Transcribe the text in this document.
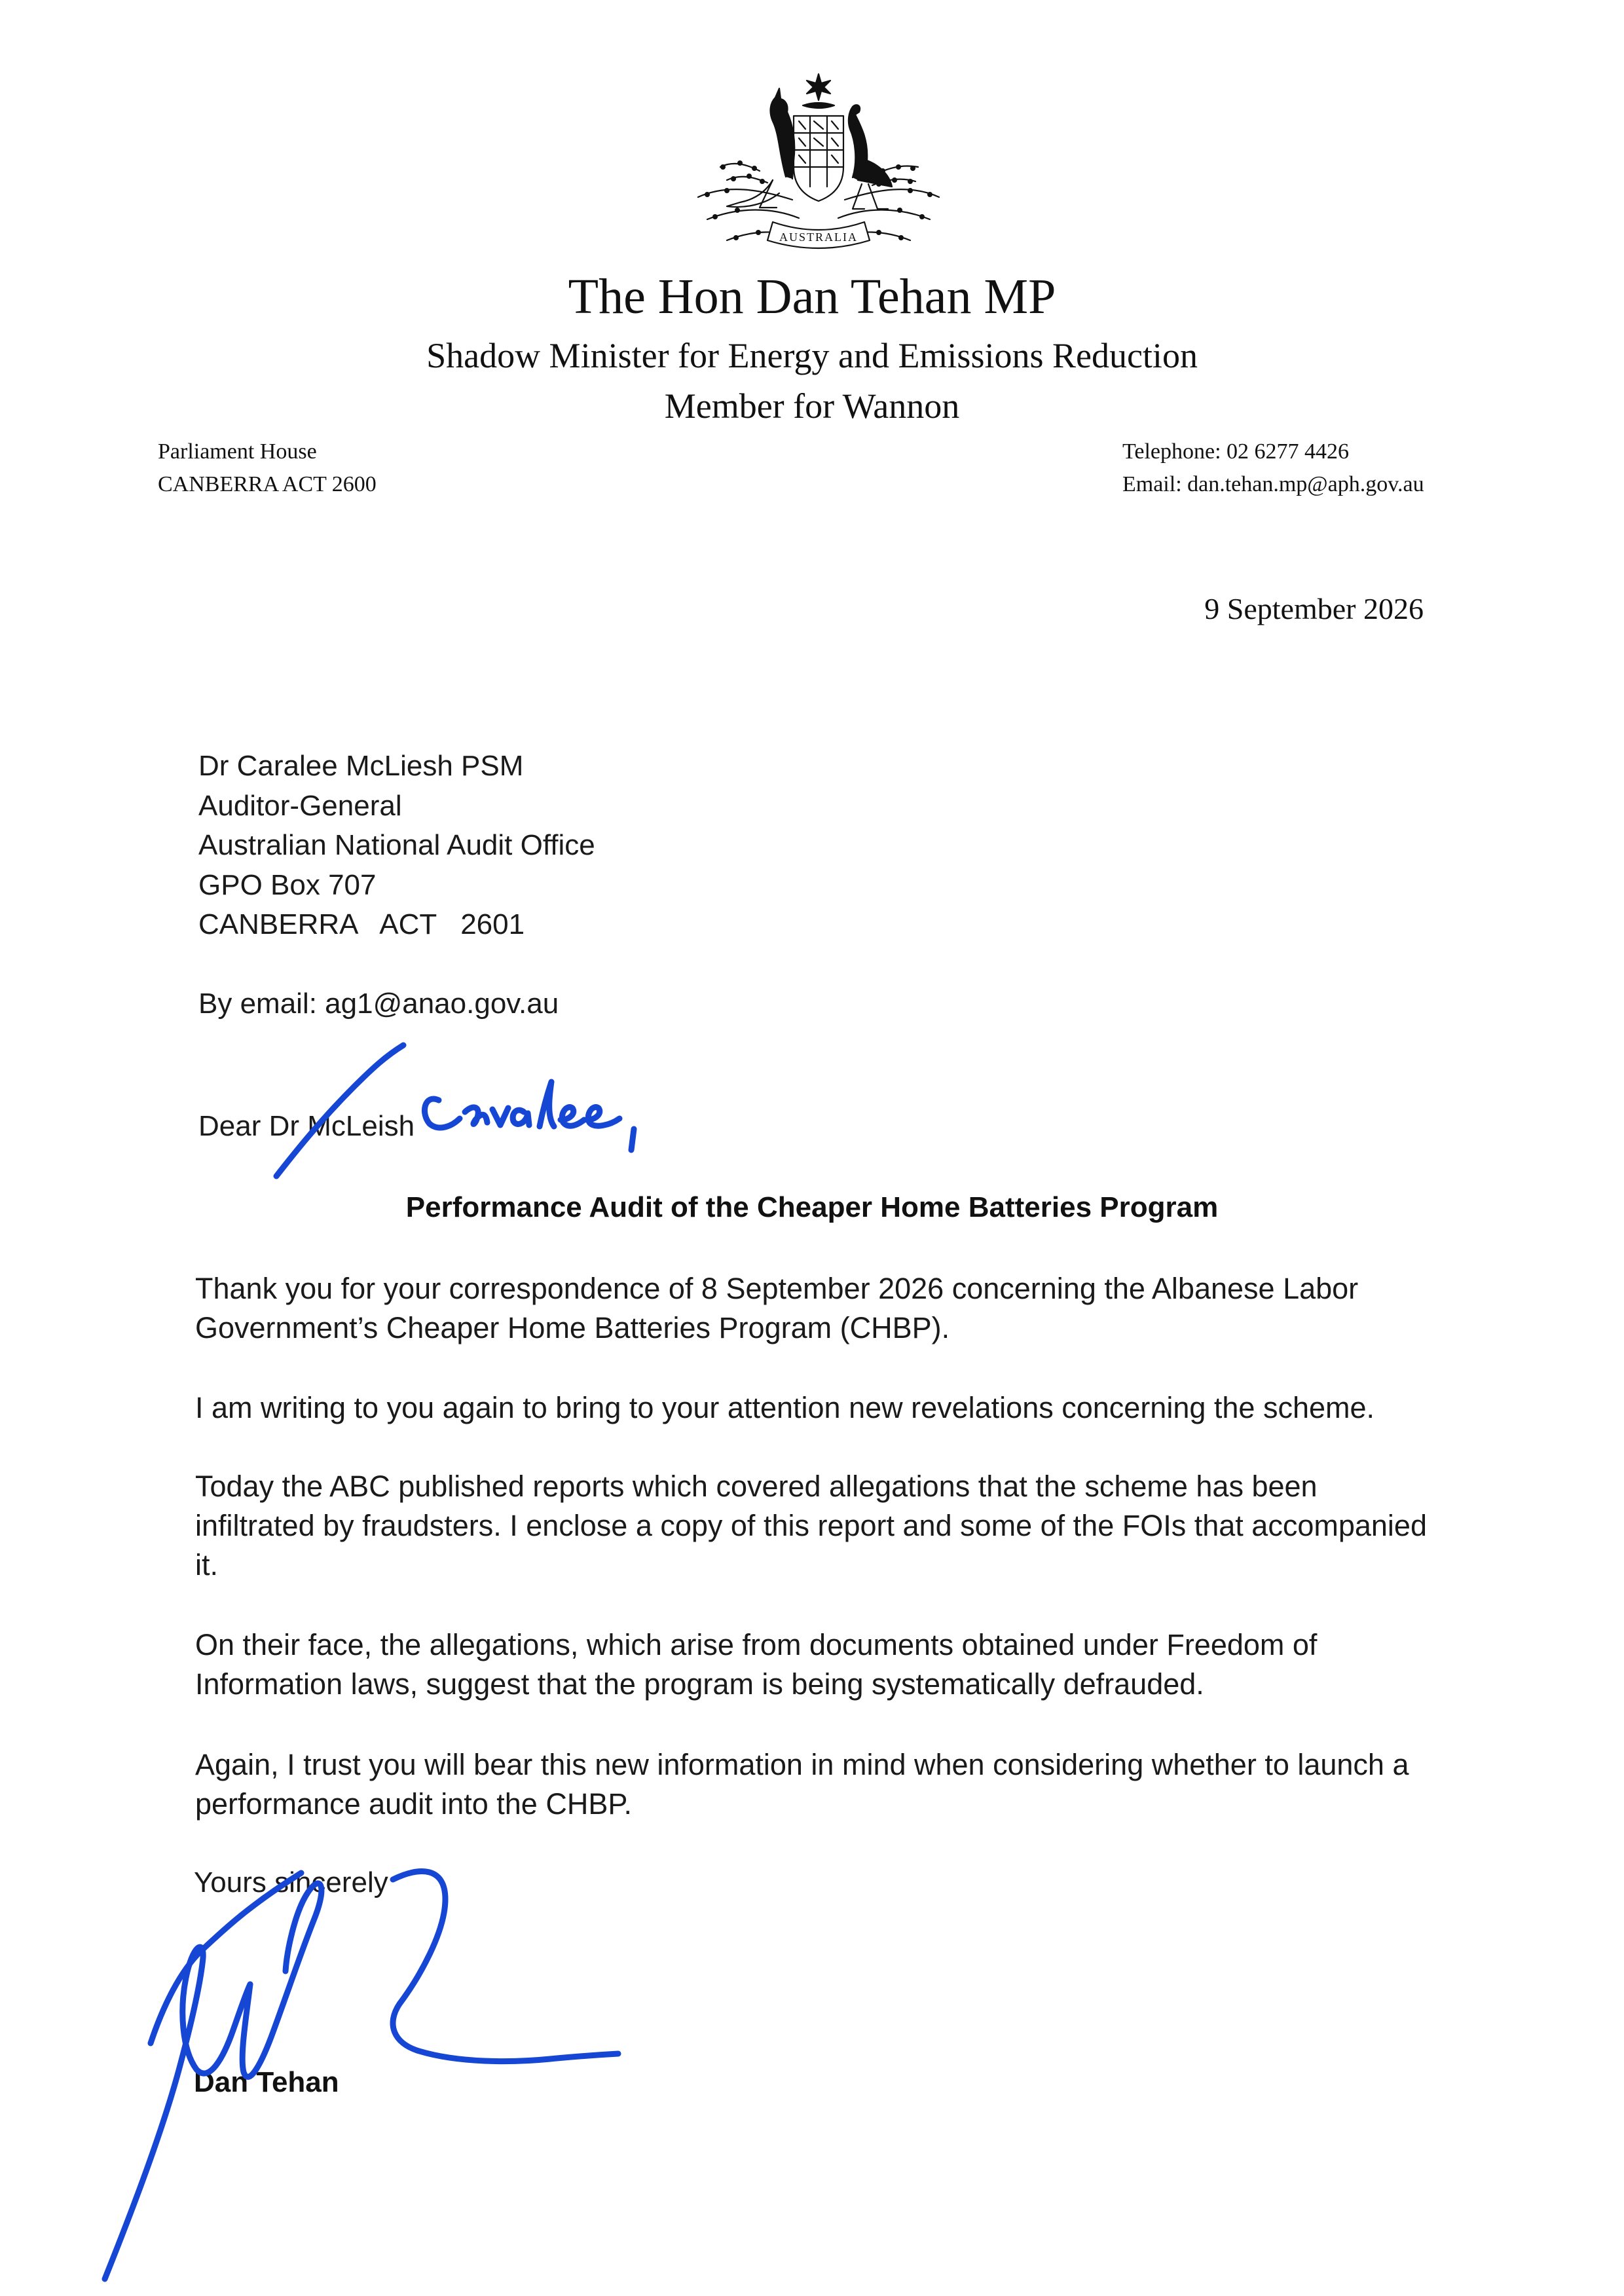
AUSTRALIA
The Hon Dan Tehan MP
Shadow Minister for Energy and Emissions Reduction
Member for Wannon
Parliament House
CANBERRA ACT 2600
Telephone: 02 6277 4426
Email: dan.tehan.mp@aph.gov.au
9 September 2026
Dr Caralee McLiesh PSM
Auditor-General
Australian National Audit Office
GPO Box 707
CANBERRA   ACT   2601
By email: ag1@anao.gov.au
Dear Dr McLeish
Performance Audit of the Cheaper Home Batteries Program
Thank you for your correspondence of 8 September 2026 concerning the Albanese Labor Government’s Cheaper Home Batteries Program (CHBP).
I am writing to you again to bring to your attention new revelations concerning the scheme.
Today the ABC published reports which covered allegations that the scheme has been infiltrated by fraudsters. I enclose a copy of this report and some of the FOIs that accompanied it.
On their face, the allegations, which arise from documents obtained under Freedom of Information laws, suggest that the program is being systematically defrauded.
Again, I trust you will bear this new information in mind when considering whether to launch a performance audit into the CHBP.
Yours sincerely
Dan Tehan
